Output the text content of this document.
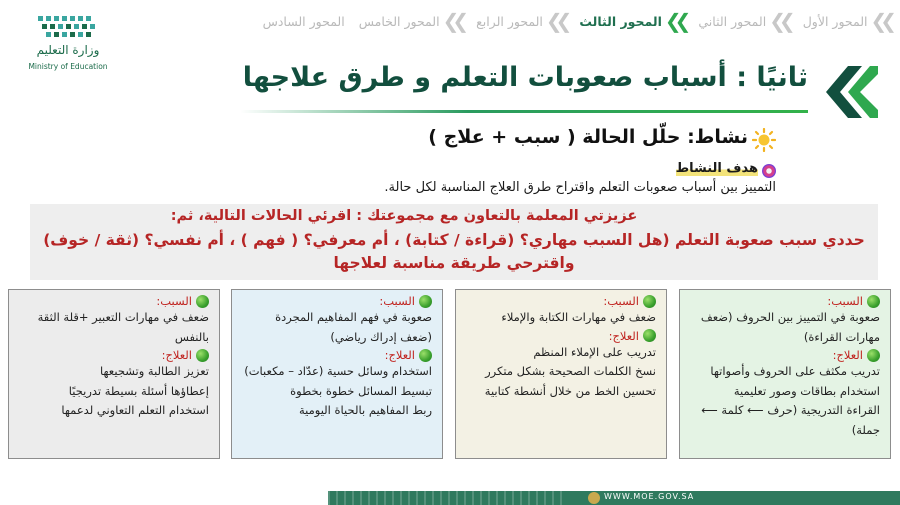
❮❮
المحور الأول
❮❮
المحور الثاني
❮❮
المحور الثالث
❮❮
المحور الرابع
❮❮
المحور الخامس
المحور السادس
وزارة التعليم
Ministry of Education	ثانيًا : أسباب صعوبات التعلم و طرق علاجها
نشاط: حلّل الحالة ( سبب + علاج )
هدف النشاط
التمييز بين أسباب صعوبات التعلم واقتراح طرق العلاج المناسبة لكل حالة.
عزيزتي المعلمة بالتعاون مع مجموعتك : اقرئي الحالات التالية، ثم:
حددي سبب صعوبة التعلم (هل السبب مهاري؟ (قراءة / كتابة) ، أم معرفي؟ ( فهم ) ، أم نفسي؟ (ثقة / خوف)
واقترحي طريقة مناسبة لعلاجها
السبب:
صعوبة في التمييز بين الحروف (ضعف مهارات القراءة)
العلاج:
تدريب مكثف على الحروف وأصواتها
استخدام بطاقات وصور تعليمية
القراءة التدريجية (حرف ⟵ كلمة ⟵ جملة)
السبب:
ضعف في مهارات الكتابة والإملاء
العلاج:
تدريب على الإملاء المنظم
نسخ الكلمات الصحيحة بشكل متكرر
تحسين الخط من خلال أنشطة كتابية
السبب:
صعوبة في فهم المفاهيم المجردة (ضعف إدراك رياضي)
العلاج:
استخدام وسائل حسية (عدّاد – مكعبات)
تبسيط المسائل خطوة بخطوة
ربط المفاهيم بالحياة اليومية
السبب:
ضعف في مهارات التعبير +قلة الثقة بالنفس
العلاج:
تعزيز الطالبة وتشجيعها
إعطاؤها أسئلة بسيطة تدريجيًا
استخدام التعلم التعاوني لدعمها
WWW.MOE.GOV.SA
